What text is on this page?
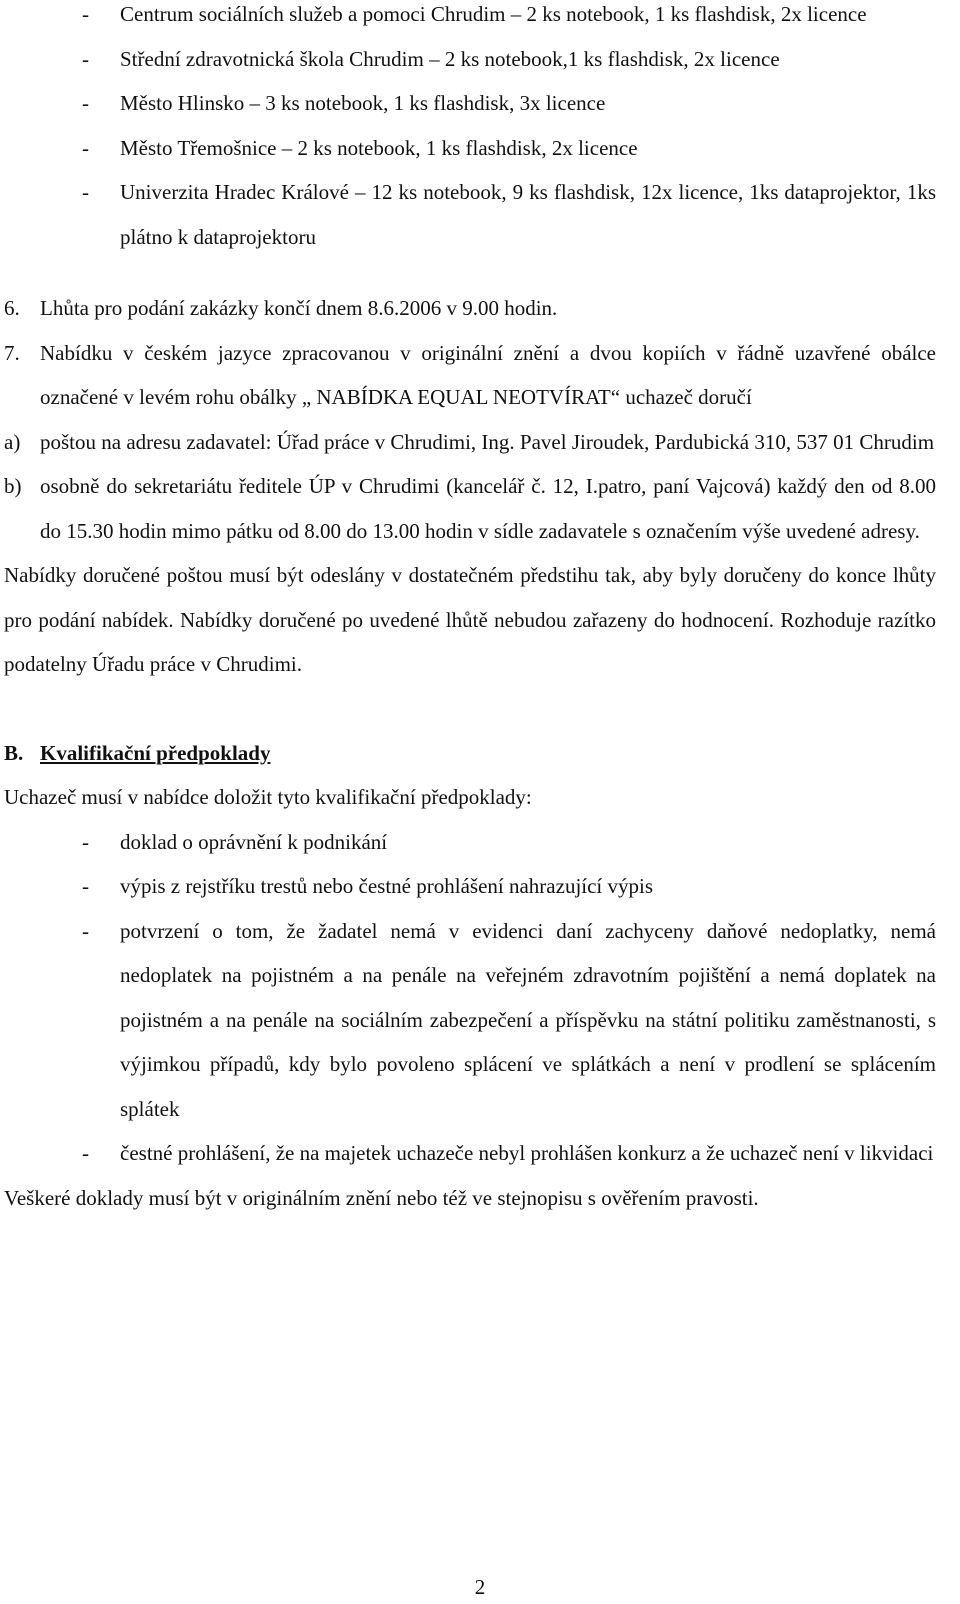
- Centrum sociálních služeb a pomoci Chrudim – 2 ks notebook, 1 ks flashdisk, 2x licence
- Střední zdravotnická škola Chrudim – 2 ks notebook,1 ks flashdisk, 2x licence
- Město Hlinsko – 3 ks notebook, 1 ks flashdisk, 3x licence
- Město Třemošnice – 2 ks notebook, 1 ks flashdisk, 2x licence
- Univerzita Hradec Králové – 12 ks notebook, 9 ks flashdisk, 12x licence, 1ks dataprojektor, 1ks plátno k dataprojektoru

6. Lhůta pro podání zakázky končí dnem 8.6.2006 v 9.00 hodin.

7. Nabídku v českém jazyce zpracovanou v originální znění a dvou kopiích v řádně uzavřené obálce označené v levém rohu obálky „ NABÍDKA EQUAL NEOTVÍRAT“ uchazeč doručí

a) poštou na adresu zadavatel: Úřad práce v Chrudimi, Ing. Pavel Jiroudek, Pardubická 310, 537 01 Chrudim

b) osobně do sekretariátu ředitele ÚP v Chrudimi (kancelář č. 12, I.patro, paní Vajcová) každý den od 8.00 do 15.30 hodin mimo pátku od 8.00 do 13.00 hodin v sídle zadavatele s označením výše uvedené adresy.

Nabídky doručené poštou musí být odeslány v dostatečném předstihu tak, aby byly doručeny do konce lhůty pro podání nabídek. Nabídky doručené po uvedené lhůtě nebudou zařazeny do hodnocení. Rozhoduje razítko podatelny Úřadu práce v Chrudimi.

B. Kvalifikační předpoklady

Uchazeč musí v nabídce doložit tyto kvalifikační předpoklady:

- doklad o oprávnění k podnikání
- výpis z rejstříku trestů nebo čestné prohlášení nahrazující výpis
- potvrzení o tom, že žadatel nemá v evidenci daní zachyceny daňové nedoplatky, nemá nedoplatek na pojistném a na penále na veřejném zdravotním pojištění a nemá doplatek na pojistném a na penále na sociálním zabezpečení a příspěvku na státní politiku zaměstnanosti, s výjimkou případů, kdy bylo povoleno splácení ve splátkách a není v prodlení se splácením splátek
- čestné prohlášení, že na majetek uchazeče nebyl prohlášen konkurz a že uchazeč není v likvidaci

Veškeré doklady musí být v originálním znění nebo též ve stejnopisu s ověřením pravosti.

2
